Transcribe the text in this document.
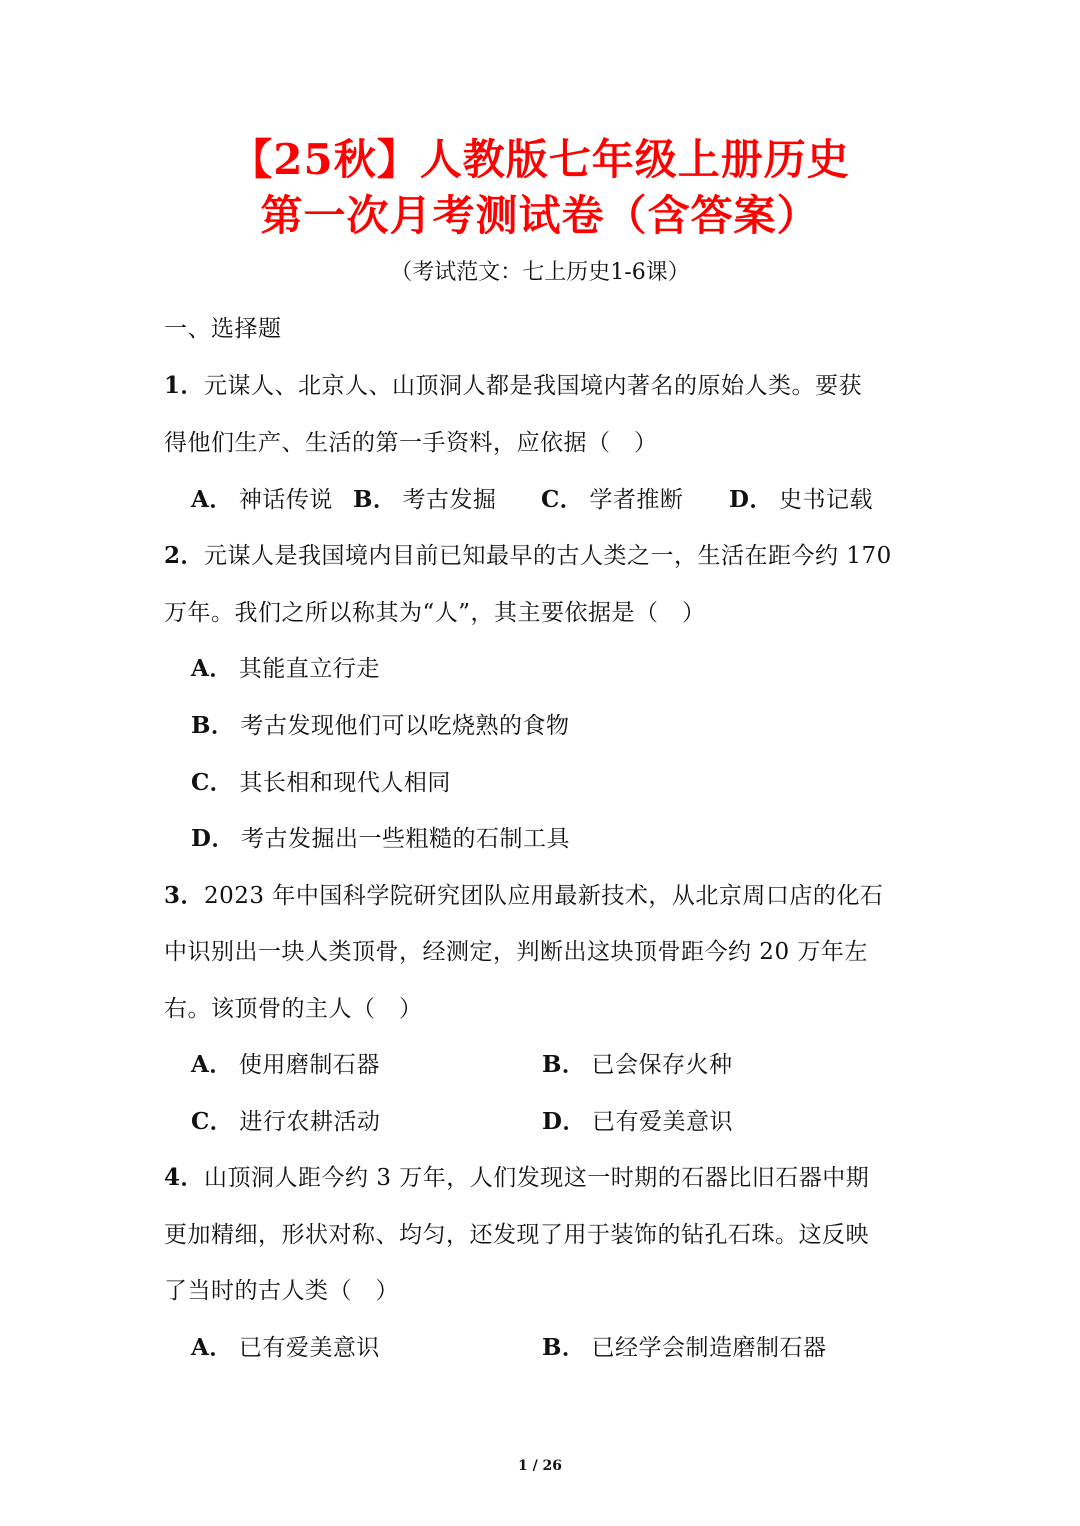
【25秋】人教版七年级上册历史
第一次月考测试卷（含答案）
（考试范文：七上历史1-6课）
一、选择题
1．元谋人、北京人、山顶洞人都是我国境内著名的原始人类。要获
得他们生产、生活的第一手资料，应依据（　）
A． 神话传说 B． 考古发掘 C． 学者推断 D． 史书记载
2．元谋人是我国境内目前已知最早的古人类之一，生活在距今约 170
万年。我们之所以称其为“人”，其主要依据是（　）
A． 其能直立行走
B． 考古发现他们可以吃烧熟的食物
C． 其长相和现代人相同
D． 考古发掘出一些粗糙的石制工具
3．2023 年中国科学院研究团队应用最新技术，从北京周口店的化石
中识别出一块人类顶骨，经测定，判断出这块顶骨距今约 20 万年左
右。该顶骨的主人（　）
A． 使用磨制石器	B． 已会保存火种
C． 进行农耕活动	D． 已有爱美意识
4．山顶洞人距今约 3 万年，人们发现这一时期的石器比旧石器中期
更加精细，形状对称、均匀，还发现了用于装饰的钻孔石珠。这反映
了当时的古人类（　）
A． 已有爱美意识	B． 已经学会制造磨制石器
1 / 26
